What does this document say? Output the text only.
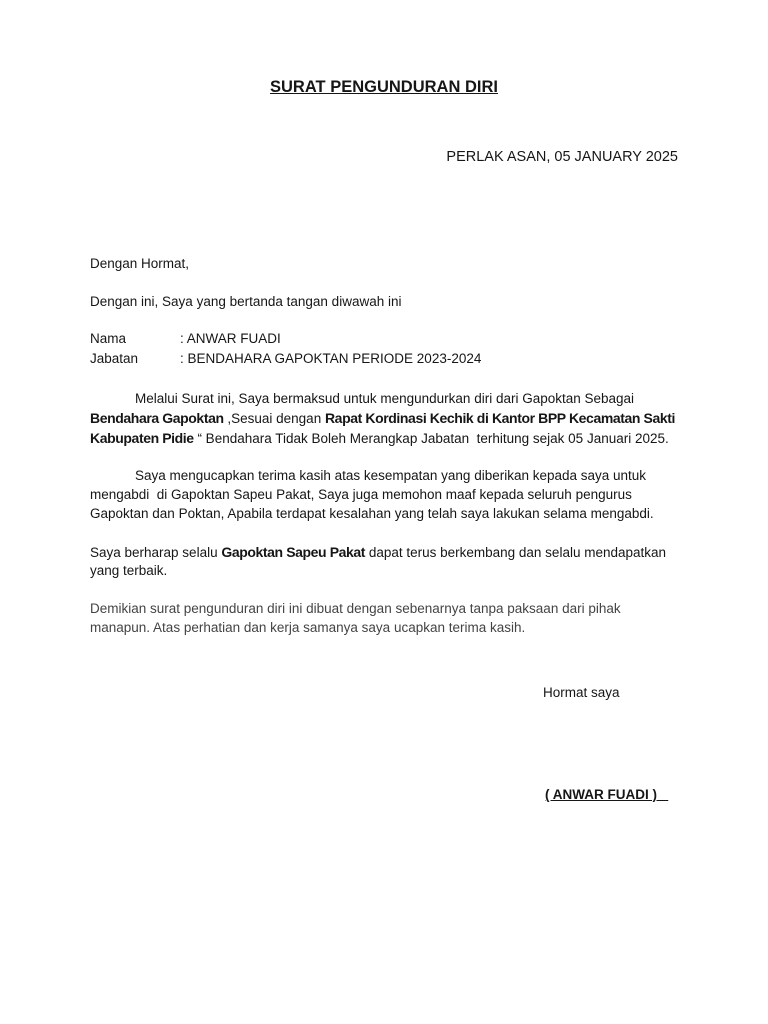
SURAT PENGUNDURAN DIRI
PERLAK ASAN, 05 JANUARY 2025
Dengan Hormat,
Dengan ini, Saya yang bertanda tangan diwawah ini
Nama	: ANWAR FUADI
Jabatan	: BENDAHARA GAPOKTAN PERIODE 2023-2024
Melalui Surat ini, Saya bermaksud untuk mengundurkan diri dari Gapoktan Sebagai
Bendahara Gapoktan ,Sesuai dengan Rapat Kordinasi Kechik di Kantor BPP Kecamatan Sakti
Kabupaten Pidie “ Bendahara Tidak Boleh Merangkap Jabatan  terhitung sejak 05 Januari 2025.
Saya mengucapkan terima kasih atas kesempatan yang diberikan kepada saya untuk
mengabdi  di Gapoktan Sapeu Pakat, Saya juga memohon maaf kepada seluruh pengurus
Gapoktan dan Poktan, Apabila terdapat kesalahan yang telah saya lakukan selama mengabdi.
Saya berharap selalu Gapoktan Sapeu Pakat dapat terus berkembang dan selalu mendapatkan
yang terbaik.
Demikian surat pengunduran diri ini dibuat dengan sebenarnya tanpa paksaan dari pihak
manapun. Atas perhatian dan kerja samanya saya ucapkan terima kasih.
Hormat saya

( ANWAR FUADI )
